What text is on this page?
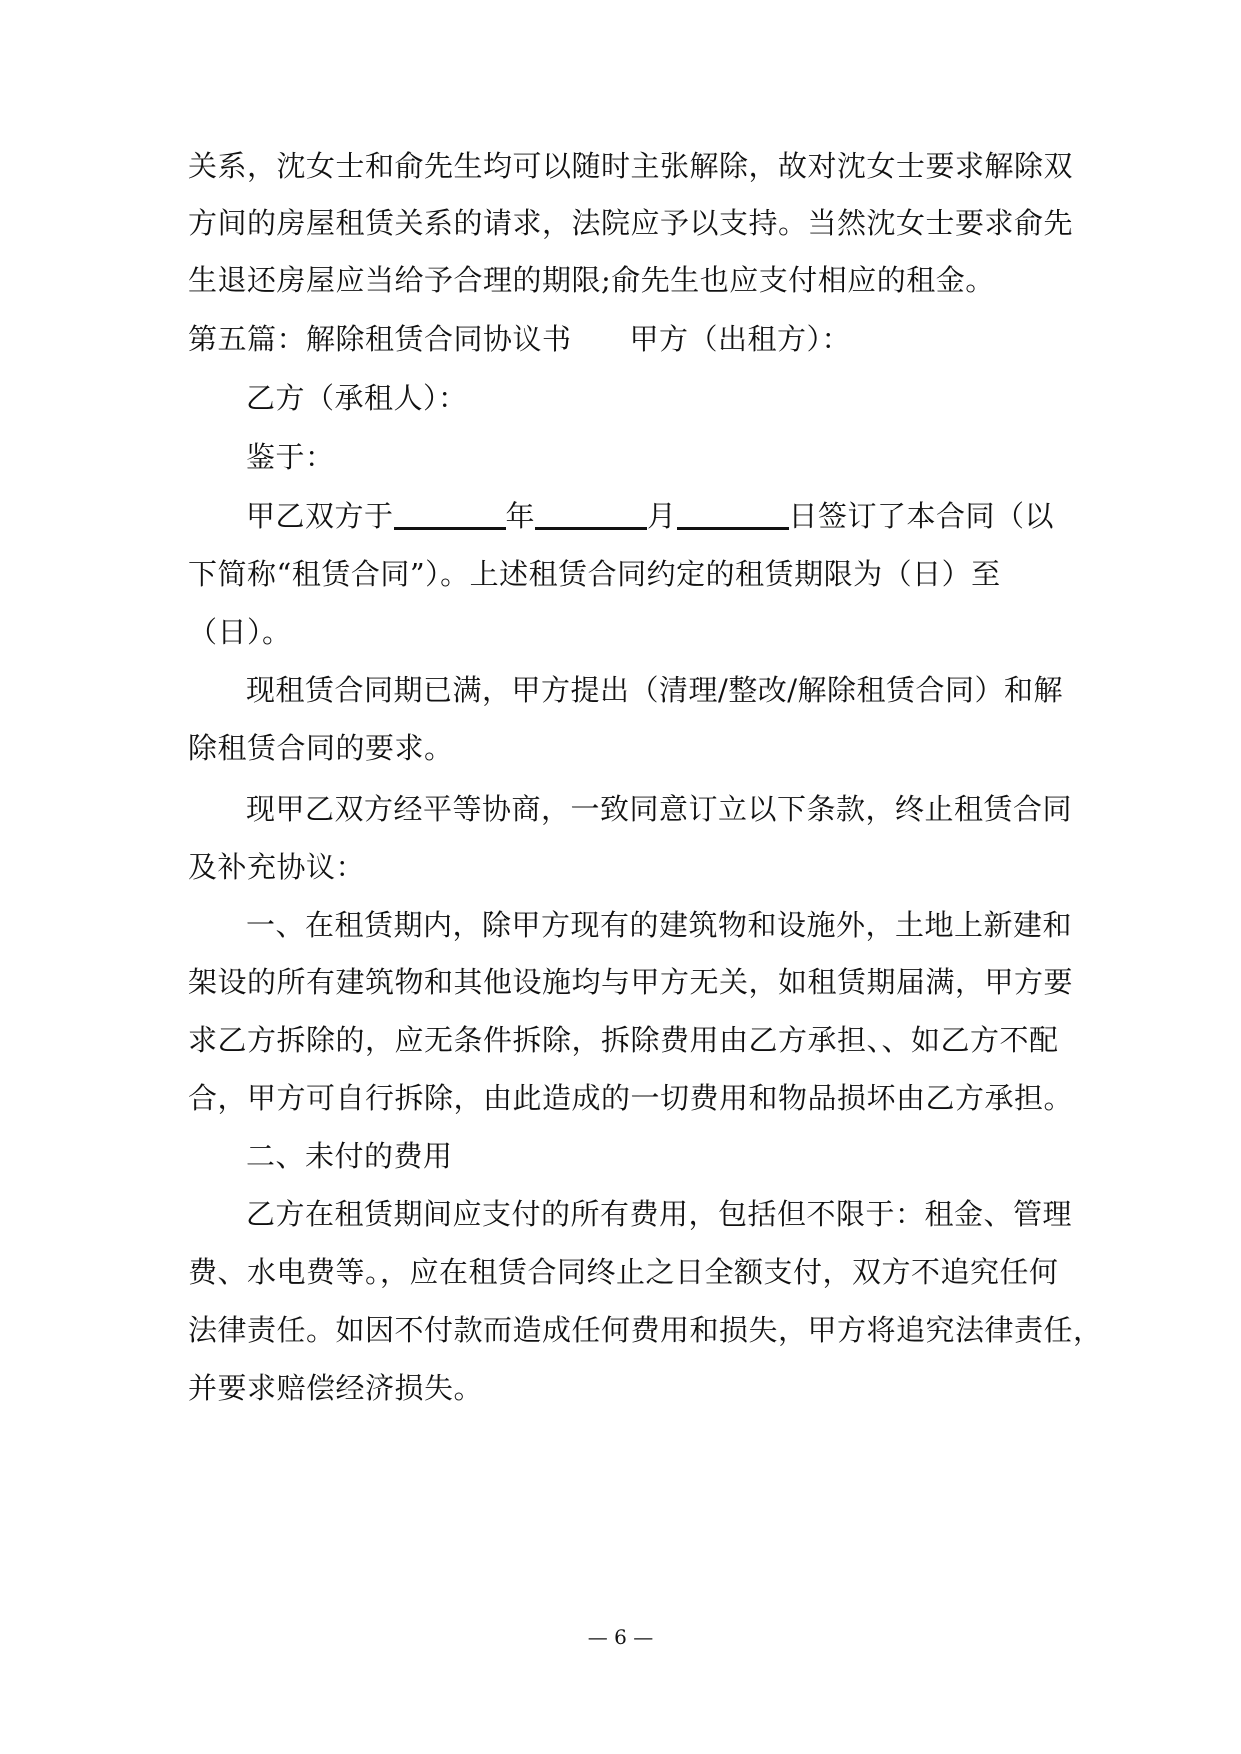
关系，沈女士和俞先生均可以随时主张解除，故对沈女士要求解除双
方间的房屋租赁关系的请求，法院应予以支持。当然沈女士要求俞先
生退还房屋应当给予合理的期限;俞先生也应支付相应的租金。
第五篇：解除租赁合同协议书 甲方（出租方）：
乙方（承租人）：
鉴于：
甲乙双方于	年	月	日签订了本合同（以
下简称“租赁合同”）。上述租赁合同约定的租赁期限为（日）至
（日）。
现租赁合同期已满，甲方提出（清理/整改/解除租赁合同）和解
除租赁合同的要求。
现甲乙双方经平等协商，一致同意订立以下条款，终止租赁合同
及补充协议：
一、在租赁期内，除甲方现有的建筑物和设施外，土地上新建和
架设的所有建筑物和其他设施均与甲方无关，如租赁期届满，甲方要
求乙方拆除的，应无条件拆除，拆除费用由乙方承担、、如乙方不配
合，甲方可自行拆除，由此造成的一切费用和物品损坏由乙方承担。
二、未付的费用
乙方在租赁期间应支付的所有费用，包括但不限于：租金、管理
费、水电费等。，应在租赁合同终止之日全额支付，双方不追究任何
法律责任。如因不付款而造成任何费用和损失，甲方将追究法律责任，
并要求赔偿经济损失。
— 6 —
